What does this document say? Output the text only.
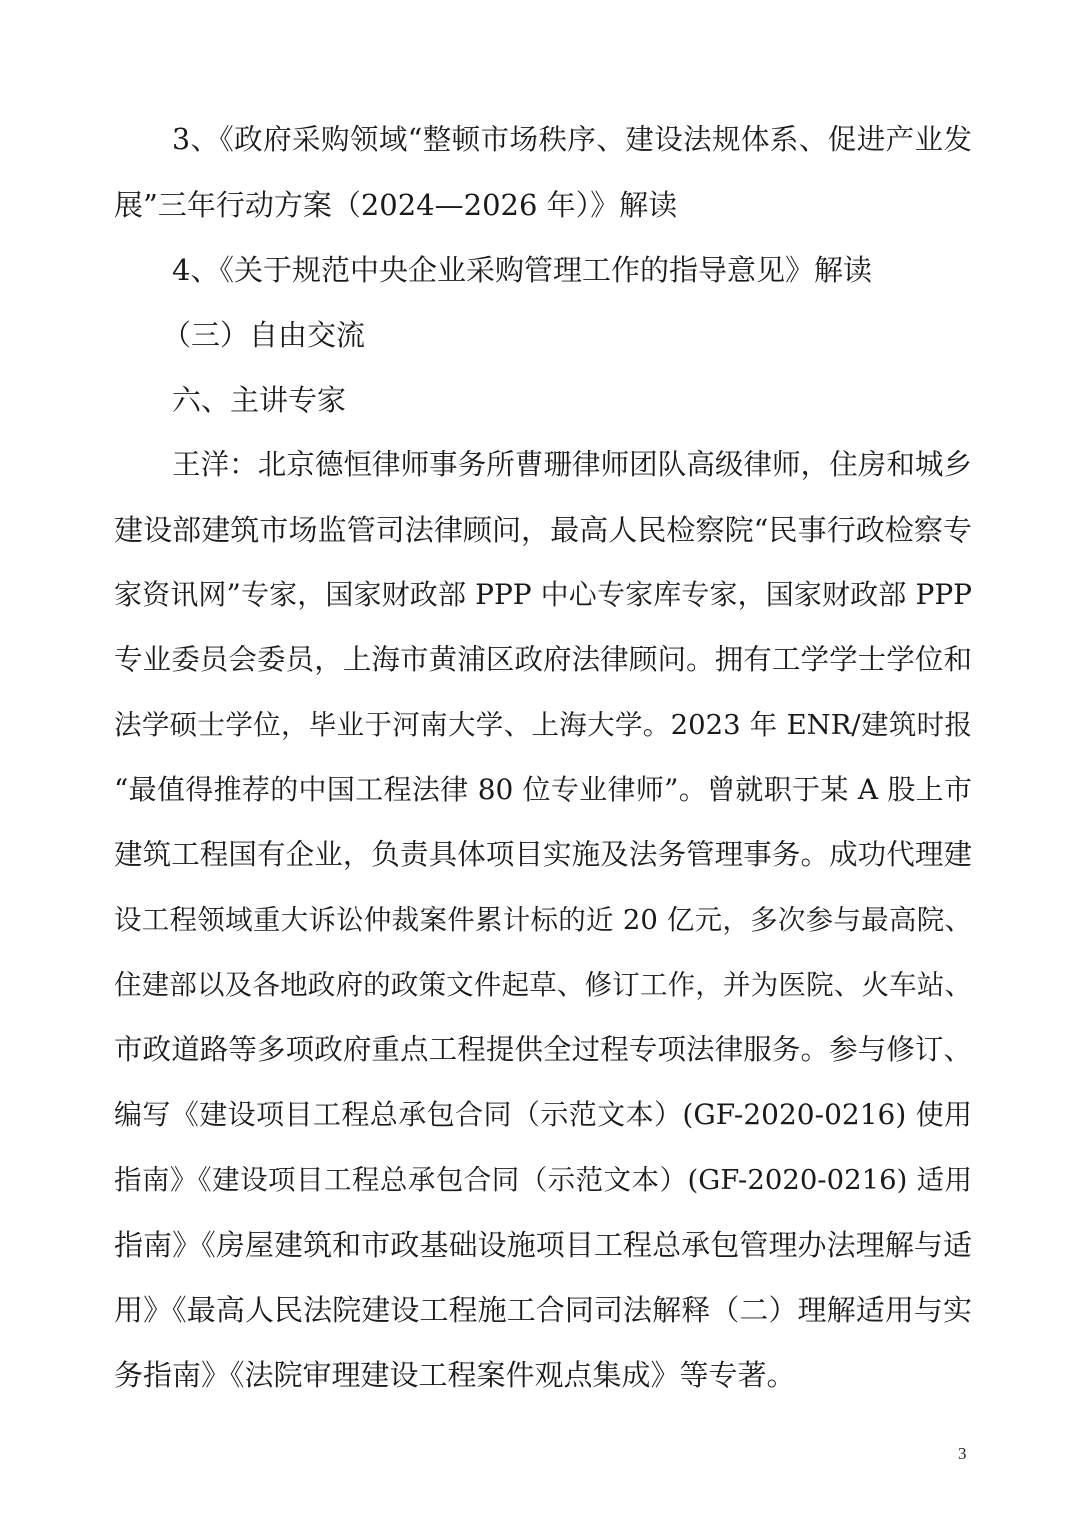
3、《政府采购领域“整顿市场秩序、建设法规体系、促进产业发
展”三年行动方案（2024—2026 年）》解读
4、《关于规范中央企业采购管理工作的指导意见》解读
（三）自由交流
六、主讲专家
王洋：北京德恒律师事务所曹珊律师团队高级律师，住房和城乡
建设部建筑市场监管司法律顾问，最高人民检察院“民事行政检察专
家资讯网”专家，国家财政部 PPP 中心专家库专家，国家财政部 PPP
专业委员会委员，上海市黄浦区政府法律顾问。拥有工学学士学位和
法学硕士学位，毕业于河南大学、上海大学。2023 年 ENR/建筑时报
“最值得推荐的中国工程法律 80 位专业律师”。曾就职于某 A 股上市
建筑工程国有企业，负责具体项目实施及法务管理事务。成功代理建
设工程领域重大诉讼仲裁案件累计标的近 20 亿元，多次参与最高院、
住建部以及各地政府的政策文件起草、修订工作，并为医院、火车站、
市政道路等多项政府重点工程提供全过程专项法律服务。参与修订、
编写《建设项目工程总承包合同（示范文本）(GF-2020-0216) 使用
指南》《建设项目工程总承包合同（示范文本）(GF-2020-0216) 适用
指南》《房屋建筑和市政基础设施项目工程总承包管理办法理解与适
用》《最高人民法院建设工程施工合同司法解释（二）理解适用与实
务指南》《法院审理建设工程案件观点集成》等专著。
3
